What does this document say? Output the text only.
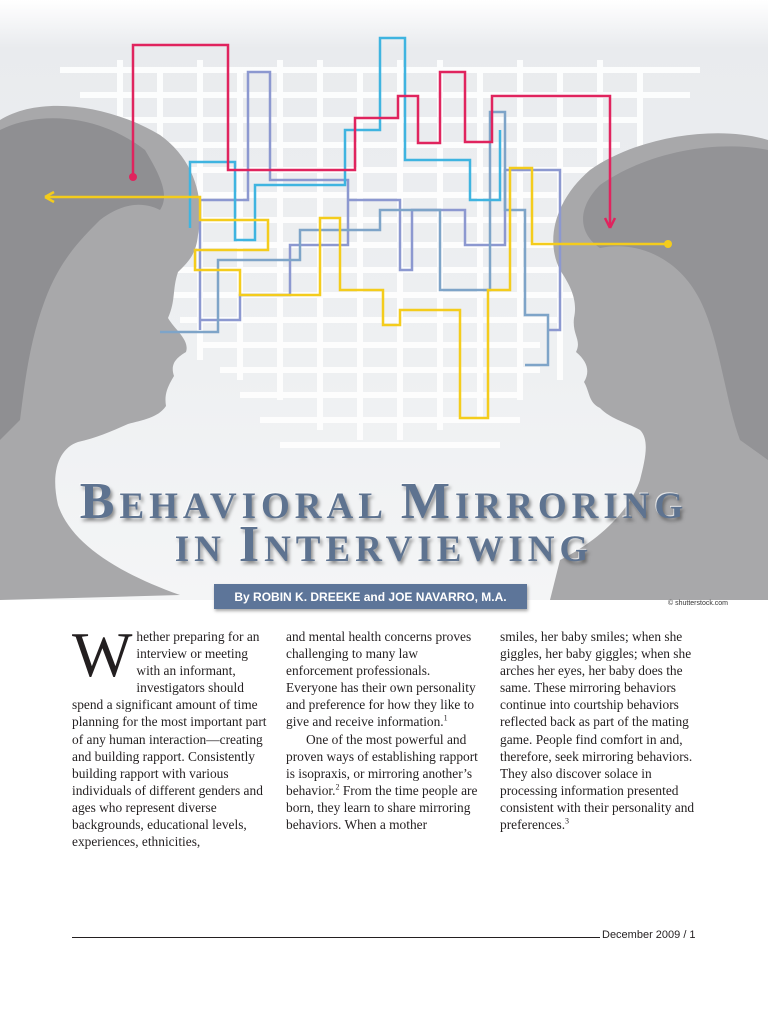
BEHAVIORAL MIRRORING
IN INTERVIEWING
By ROBIN K. DREEKE and JOE NAVARRO, M.A.	© shutterstock.com

Whether preparing for an interview or meeting with an informant, investigators should spend a significant amount of time planning for the most important part of any human interaction—creating and building rapport. Consistently building rapport with various individuals of different genders and ages who represent diverse backgrounds, educational levels, experiences, ethnicities,

and mental health concerns proves challenging to many law enforcement professionals. Everyone has their own personality and preference for how they like to give and receive information.$^1$

One of the most powerful and proven ways of establishing rapport is isopraxis, or mirroring another’s behavior.$^2$ From the time people are born, they learn to share mirroring behaviors. When a mother

smiles, her baby smiles; when she giggles, her baby giggles; when she arches her eyes, her baby does the same. These mirroring behaviors continue into courtship behaviors reflected back as part of the mating game. People find comfort in and, therefore, seek mirroring behaviors. They also discover solace in processing information presented consistent with their personality and preferences.$^3$

December 2009 / 1
